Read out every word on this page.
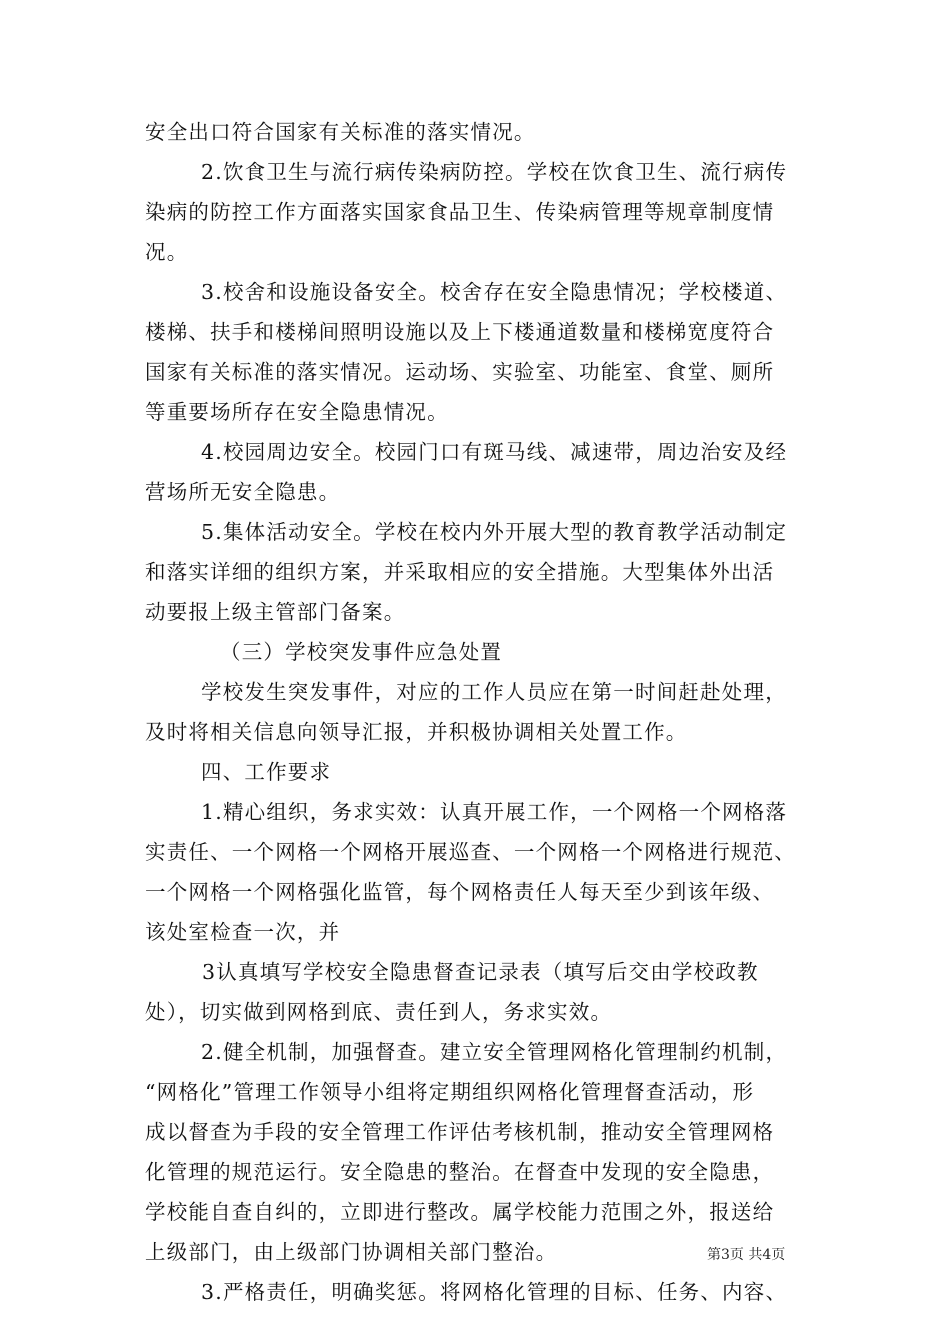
安全出口符合国家有关标准的落实情况。
2.饮食卫生与流行病传染病防控。学校在饮食卫生、流行病传
染病的防控工作方面落实国家食品卫生、传染病管理等规章制度情
况。
3.校舍和设施设备安全。校舍存在安全隐患情况；学校楼道、
楼梯、扶手和楼梯间照明设施以及上下楼通道数量和楼梯宽度符合
国家有关标准的落实情况。运动场、实验室、功能室、食堂、厕所
等重要场所存在安全隐患情况。
4.校园周边安全。校园门口有斑马线、减速带，周边治安及经
营场所无安全隐患。
5.集体活动安全。学校在校内外开展大型的教育教学活动制定
和落实详细的组织方案，并采取相应的安全措施。大型集体外出活
动要报上级主管部门备案。
（三）学校突发事件应急处置
学校发生突发事件，对应的工作人员应在第一时间赶赴处理，
及时将相关信息向领导汇报，并积极协调相关处置工作。
四、工作要求
1.精心组织，务求实效：认真开展工作，一个网格一个网格落
实责任、一个网格一个网格开展巡查、一个网格一个网格进行规范、
一个网格一个网格强化监管，每个网格责任人每天至少到该年级、
该处室检查一次，并
3认真填写学校安全隐患督查记录表（填写后交由学校政教
处），切实做到网格到底、责任到人，务求实效。
2.健全机制，加强督查。建立安全管理网格化管理制约机制，
“网格化”管理工作领导小组将定期组织网格化管理督查活动，形
成以督查为手段的安全管理工作评估考核机制，推动安全管理网格
化管理的规范运行。安全隐患的整治。在督查中发现的安全隐患，
学校能自查自纠的，立即进行整改。属学校能力范围之外，报送给
上级部门，由上级部门协调相关部门整治。
3.严格责任，明确奖惩。将网格化管理的目标、任务、内容、
第3页 共4页
